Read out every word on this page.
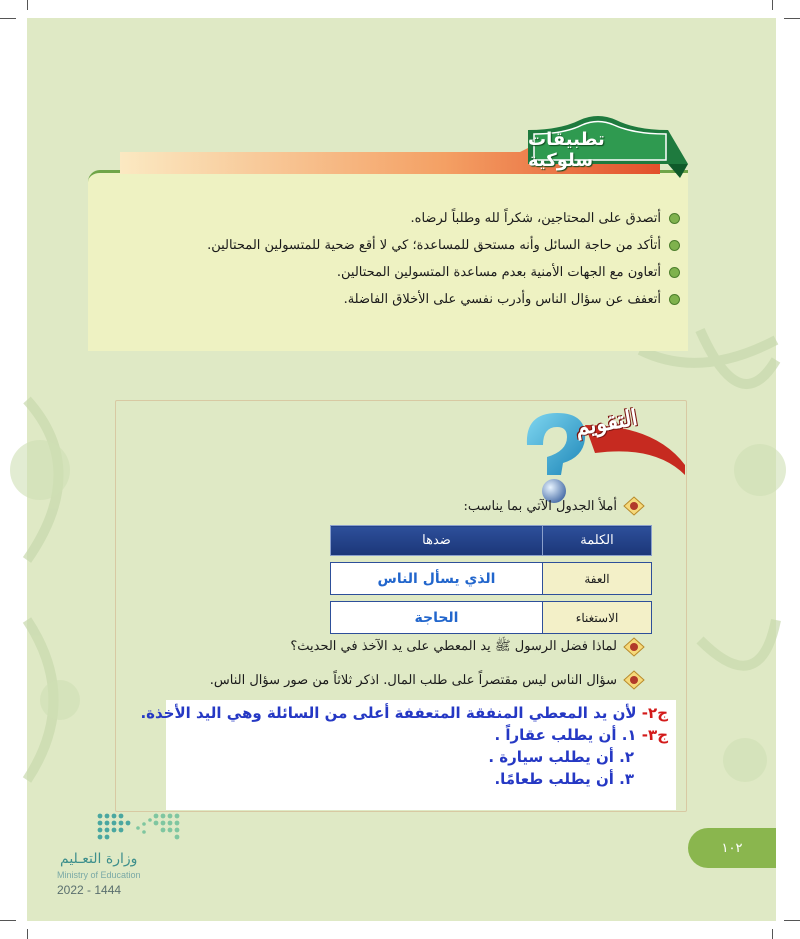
تطبيقات سلوكية
أتصدق على المحتاجين، شكراً لله وطلباً لرضاه.
أتأكد من حاجة السائل وأنه مستحق للمساعدة؛ كي لا أقع ضحية للمتسولين المحتالين.
أتعاون مع الجهات الأمنية بعدم مساعدة المتسولين المحتالين.
أتعفف عن سؤال الناس وأدرب نفسي على الأخلاق الفاضلة.
التقويم
أملأ الجدول الآتي بما يناسب:
الكلمة	ضدها

العفة	الذي يسأل الناس

الاستغناء	الحاجة
لماذا فضل الرسول ﷺ يد المعطي على يد الآخذ في الحديث؟
سؤال الناس ليس مقتصراً على طلب المال. اذكر ثلاثاً من صور سؤال الناس.
ج٢- لأن يد المعطي المنفقة المتعففة أعلى من السائلة وهي اليد الأخذة.
ج٣- ١. أن يطلب عقاراً .
٢. أن يطلب سيارة .
٣. أن يطلب طعامًا.
وزارة التعـليم
Ministry of Education
2022 - 1444
١٠٢
